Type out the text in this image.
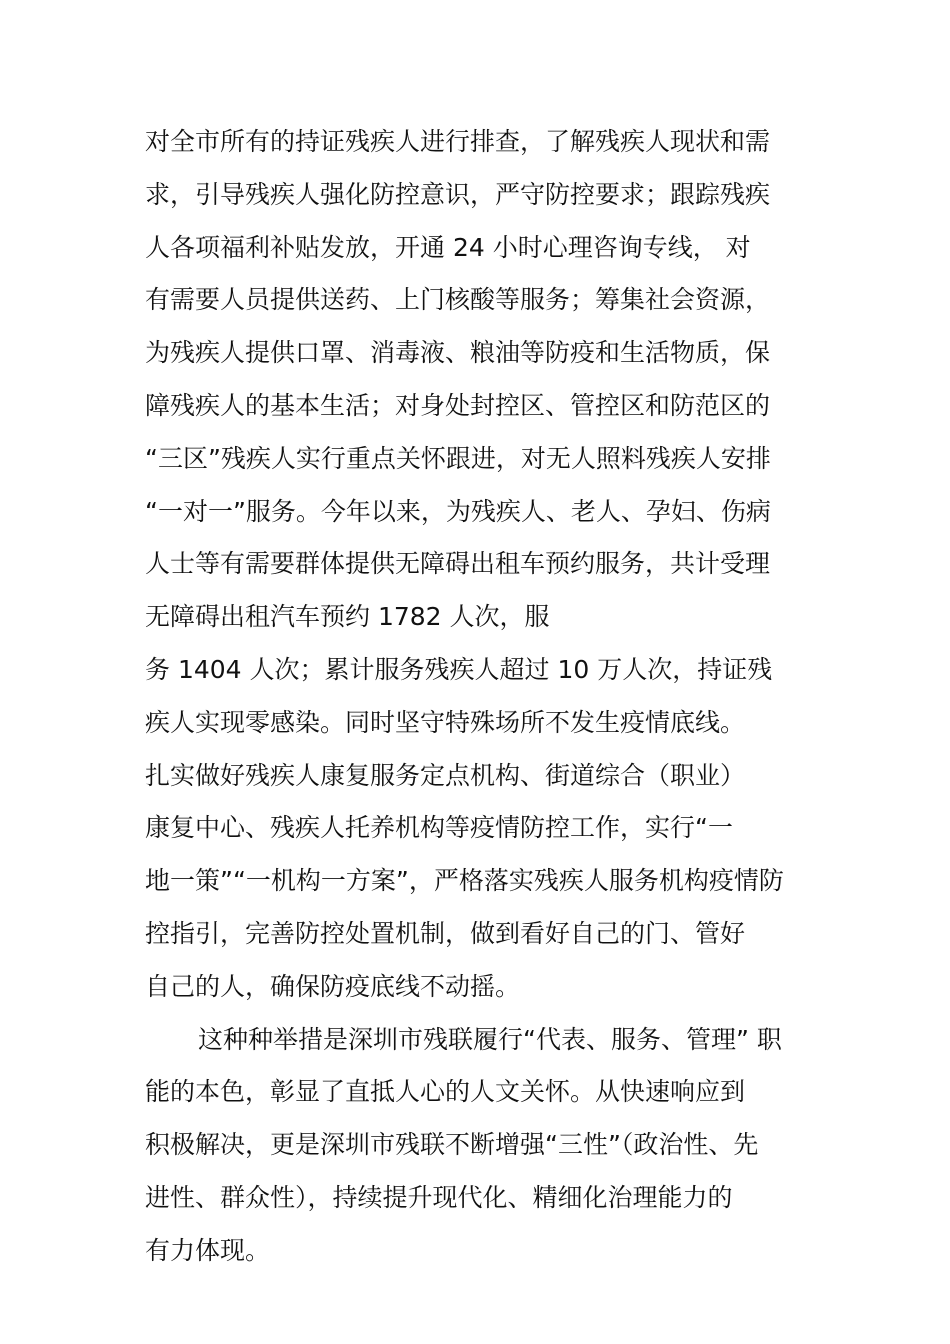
对全市所有的持证残疾人进行排查，了解残疾人现状和需
求，引导残疾人强化防控意识，严守防控要求；跟踪残疾
人各项福利补贴发放，开通 24 小时心理咨询专线， 对
有需要人员提供送药、上门核酸等服务；筹集社会资源，
为残疾人提供口罩、消毒液、粮油等防疫和生活物质，保
障残疾人的基本生活；对身处封控区、管控区和防范区的
“三区”残疾人实行重点关怀跟进，对无人照料残疾人安排
“一对一”服务。今年以来，为残疾人、老人、孕妇、伤病
人士等有需要群体提供无障碍出租车预约服务，共计受理
无障碍出租汽车预约 1782 人次，服
务 1404 人次；累计服务残疾人超过 10 万人次，持证残
疾人实现零感染。同时坚守特殊场所不发生疫情底线。
扎实做好残疾人康复服务定点机构、街道综合（职业）
康复中心、残疾人托养机构等疫情防控工作，实行“一
地一策”“一机构一方案”，严格落实残疾人服务机构疫情防
控指引，完善防控处置机制，做到看好自己的门、管好
自己的人，确保防疫底线不动摇。
这种种举措是深圳市残联履行“代表、服务、管理” 职
能的本色，彰显了直抵人心的人文关怀。从快速响应到
积极解决，更是深圳市残联不断增强“三性”（政治性、先
进性、群众性），持续提升现代化、精细化治理能力的
有力体现。
